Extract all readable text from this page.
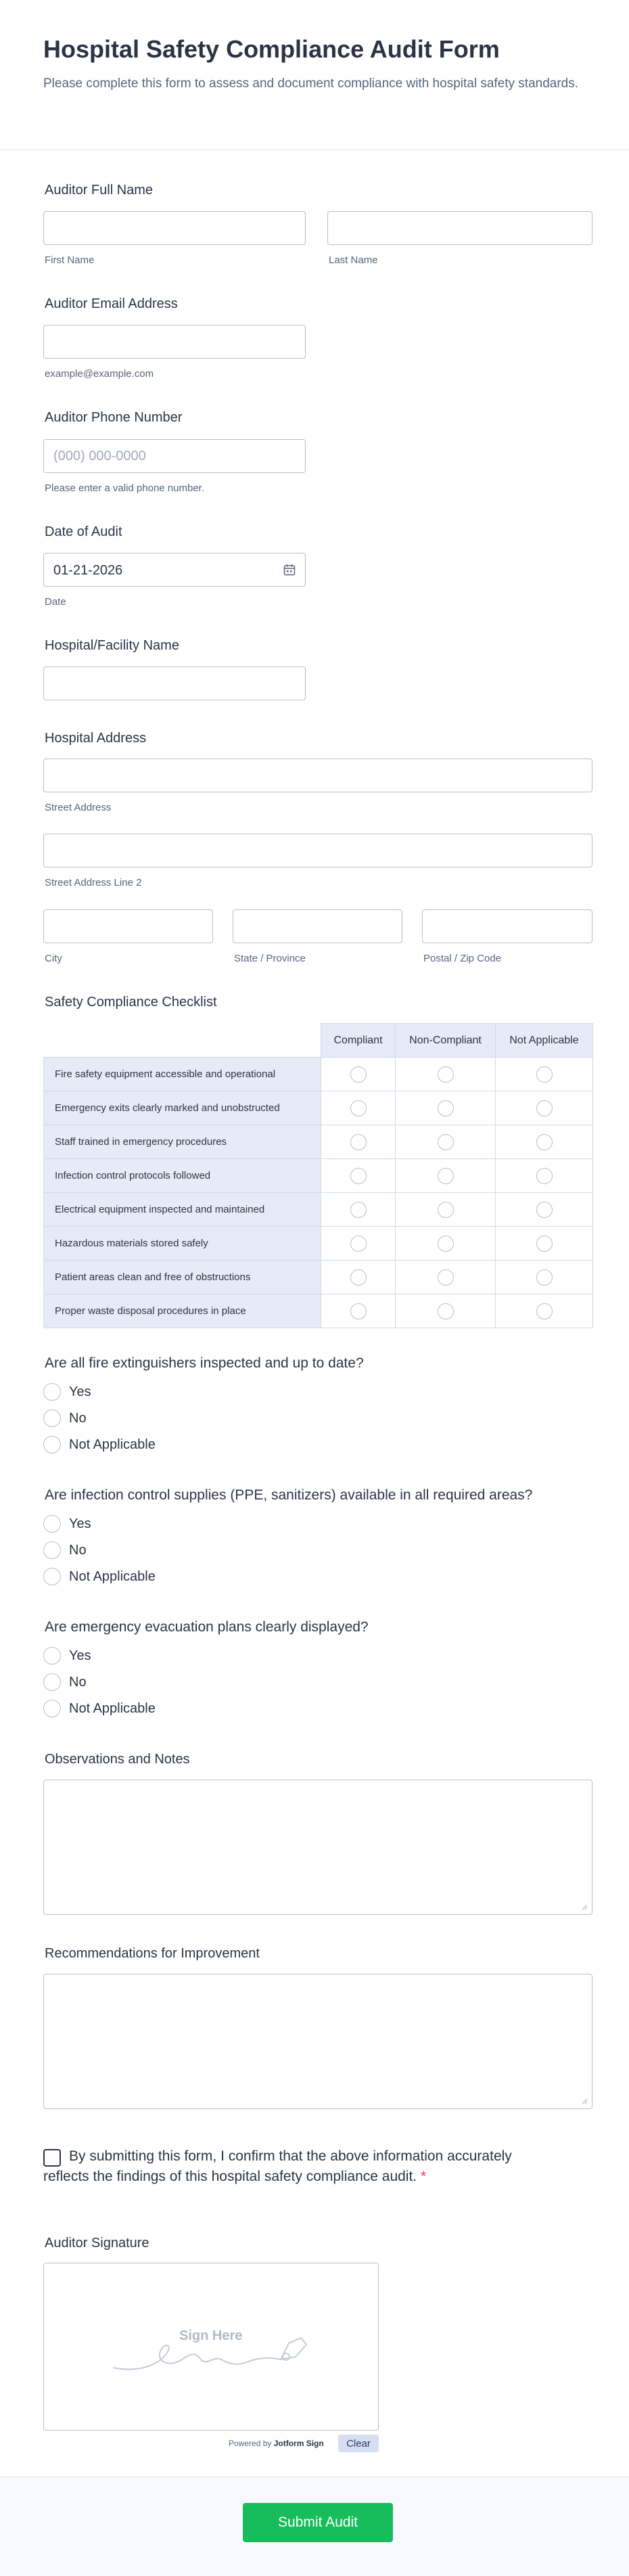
Hospital Safety Compliance Audit Form
Please complete this form to assess and document compliance with hospital safety standards.
Auditor Full Name
First Name	Last Name
Auditor Email Address
example@example.com
Auditor Phone Number
(000) 000-0000
Please enter a valid phone number.
Date of Audit
01-21-2026
Date
Hospital/Facility Name
Hospital Address
Street Address
Street Address Line 2
City	State / Province	Postal / Zip Code
Safety Compliance Checklist
	Compliant	Non-Compliant	Not Applicable
Fire safety equipment accessible and operational			
Emergency exits clearly marked and unobstructed			
Staff trained in emergency procedures			
Infection control protocols followed			
Electrical equipment inspected and maintained			
Hazardous materials stored safely			
Patient areas clean and free of obstructions			
Proper waste disposal procedures in place			
Are all fire extinguishers inspected and up to date?
Yes
No
Not Applicable
Are infection control supplies (PPE, sanitizers) available in all required areas?
Yes
No
Not Applicable
Are emergency evacuation plans clearly displayed?
Yes
No
Not Applicable
Observations and Notes
Recommendations for Improvement
By submitting this form, I confirm that the above information accurately reflects the findings of this hospital safety compliance audit. *
Auditor Signature
Sign Here
Powered by Jotform Sign	Clear
Submit Audit
